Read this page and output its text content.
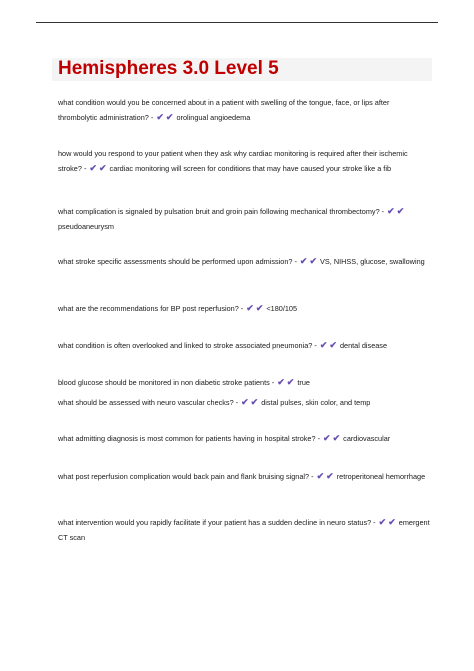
Hemispheres 3.0 Level 5
what condition would you be concerned about in a patient with swelling of the tongue, face, or lips after thrombolytic administration? - ✔ ✔ orolingual angioedema
how would you respond to your patient when they ask why cardiac monitoring is required after their ischemic stroke? - ✔ ✔ cardiac monitoring will screen for conditions that may have caused your stroke like a fib
what complication is signaled by pulsation bruit and groin pain following mechanical thrombectomy? - ✔ ✔ pseudoaneurysm
what stroke specific assessments should be performed upon admission? - ✔ ✔ VS, NIHSS, glucose, swallowing
what are the recommendations for BP post reperfusion? - ✔ ✔ <180/105
what condition is often overlooked and linked to stroke associated pneumonia? - ✔ ✔ dental disease
blood glucose should be monitored in non diabetic stroke patients - ✔ ✔ true
what should be assessed with neuro vascular checks? - ✔ ✔ distal pulses, skin color, and temp
what admitting diagnosis is most common for patients having in hospital stroke? - ✔ ✔ cardiovascular
what post reperfusion complication would back pain and flank bruising signal? - ✔ ✔ retroperitoneal hemorrhage
what intervention would you rapidly facilitate if your patient has a sudden decline in neuro status? - ✔ ✔ emergent CT scan
